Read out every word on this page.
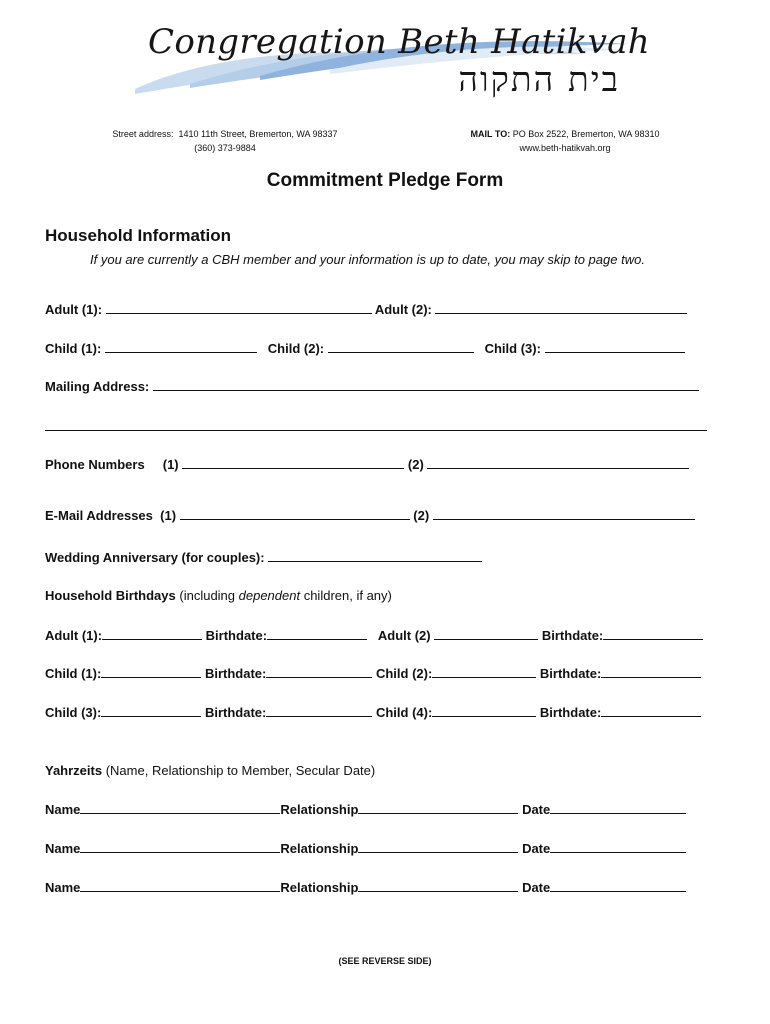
Congregation Beth Hatikvah
בית התקוה
Street address: 1410 11th Street, Bremerton, WA 98337
(360) 373-9884
MAIL TO: PO Box 2522, Bremerton, WA 98310
www.beth-hatikvah.org
Commitment Pledge Form
Household Information
If you are currently a CBH member and your information is up to date, you may skip to page two.
Adult (1):	Adult (2):
Child (1):	Child (2):	Child (3):
Mailing Address:
Phone Numbers (1)	(2)
E-Mail Addresses (1)	(2)
Wedding Anniversary (for couples):
Household Birthdays (including dependent children, if any)
Adult (1):	Birthdate:	Adult (2)	Birthdate:
Child (1):	Birthdate:	Child (2):	Birthdate:
Child (3):	Birthdate:	Child (4):	Birthdate:
Yahrzeits (Name, Relationship to Member, Secular Date)
Name	Relationship	Date
Name	Relationship	Date
Name	Relationship	Date
(SEE REVERSE SIDE)
